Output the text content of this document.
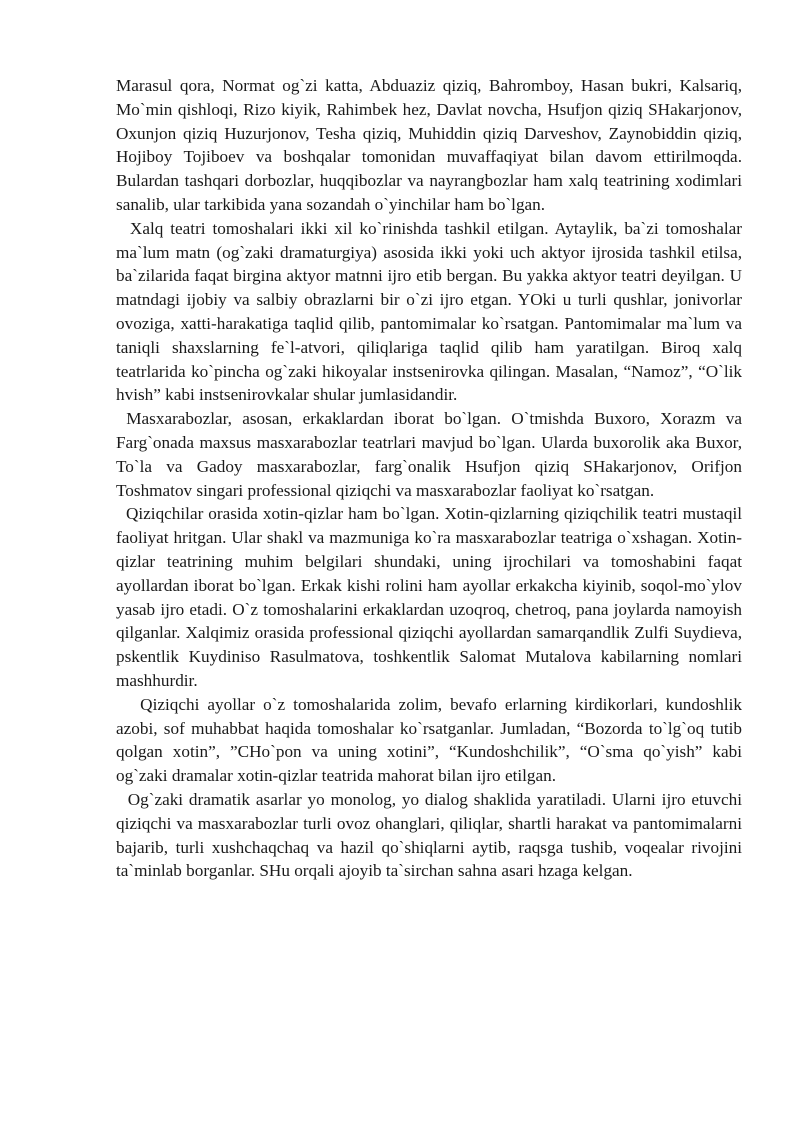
Marasul qora, Normat og`zi katta, Abduaziz qiziq, Bahromboy, Hasan bukri, Kalsariq, Mo`min qishloqi, Rizo kiyik, Rahimbek hez, Davlat novcha, Hsufjon qiziq SHakarjonov, Oxunjon qiziq Huzurjonov, Tesha qiziq, Muhiddin qiziq Darveshov, Zaynobiddin qiziq, Hojiboy Tojiboev va boshqalar tomonidan muvaffaqiyat bilan davom ettirilmoqda. Bulardan tashqari dorbozlar, huqqibozlar va nayrangbozlar ham xalq teatrining xodimlari sanalib, ular tarkibida yana sozandah o`yinchilar ham bo`lgan.

Xalq teatri tomoshalari ikki xil ko`rinishda tashkil etilgan. Aytaylik, ba`zi tomoshalar ma`lum matn (og`zaki dramaturgiya) asosida ikki yoki uch aktyor ijrosida tashkil etilsa, ba`zilarida faqat birgina aktyor matnni ijro etib bergan. Bu yakka aktyor teatri deyilgan. U matndagi ijobiy va salbiy obrazlarni bir o`zi ijro etgan. YOki u turli qushlar, jonivorlar ovoziga, xatti-harakatiga taqlid qilib, pantomimalar ko`rsatgan. Pantomimalar ma`lum va taniqli shaxslarning fe`l-atvori, qiliqlariga taqlid qilib ham yaratilgan. Biroq xalq teatrlarida ko`pincha og`zaki hikoyalar instsenirovka qilingan. Masalan, “Namoz”, “O`lik hvish” kabi instsenirovkalar shular jumlasidandir.

Masxarabozlar, asosan, erkaklardan iborat bo`lgan. O`tmishda Buxoro, Xorazm va Farg`onada maxsus masxarabozlar teatrlari mavjud bo`lgan. Ularda buxorolik aka Buxor, To`la va Gadoy masxarabozlar, farg`onalik Hsufjon qiziq SHakarjonov, Orifjon Toshmatov singari professional qiziqchi va masxarabozlar faoliyat ko`rsatgan.

Qiziqchilar orasida xotin-qizlar ham bo`lgan. Xotin-qizlarning qiziqchilik teatri mustaqil faoliyat hritgan. Ular shakl va mazmuniga ko`ra masxarabozlar teatriga o`xshagan. Xotin-qizlar teatrining muhim belgilari shundaki, uning ijrochilari va tomoshabini faqat ayollardan iborat bo`lgan. Erkak kishi rolini ham ayollar erkakcha kiyinib, soqol-mo`ylov yasab ijro etadi. O`z tomoshalarini erkaklardan uzoqroq, chetroq, pana joylarda namoyish qilganlar. Xalqimiz orasida professional qiziqchi ayollardan samarqandlik Zulfi Suydieva, pskentlik Kuydiniso Rasulmatova, toshkentlik Salomat Mutalova kabilarning nomlari mashhurdir.

Qiziqchi ayollar o`z tomoshalarida zolim, bevafo erlarning kirdikorlari, kundoshlik azobi, sof muhabbat haqida tomoshalar ko`rsatganlar. Jumladan, “Bozorda to`lg`oq tutib qolgan xotin”, ”CHo`pon va uning xotini”, “Kundoshchilik”, “O`sma qo`yish” kabi og`zaki dramalar xotin-qizlar teatrida mahorat bilan ijro etilgan.

Og`zaki dramatik asarlar yo monolog, yo dialog shaklida yaratiladi. Ularni ijro etuvchi qiziqchi va masxarabozlar turli ovoz ohanglari, qiliqlar, shartli harakat va pantomimalarni bajarib, turli xushchaqchaq va hazil qo`shiqlarni aytib, raqsga tushib, voqealar rivojini ta`minlab borganlar. SHu orqali ajoyib ta`sirchan sahna asari hzaga kelgan.
